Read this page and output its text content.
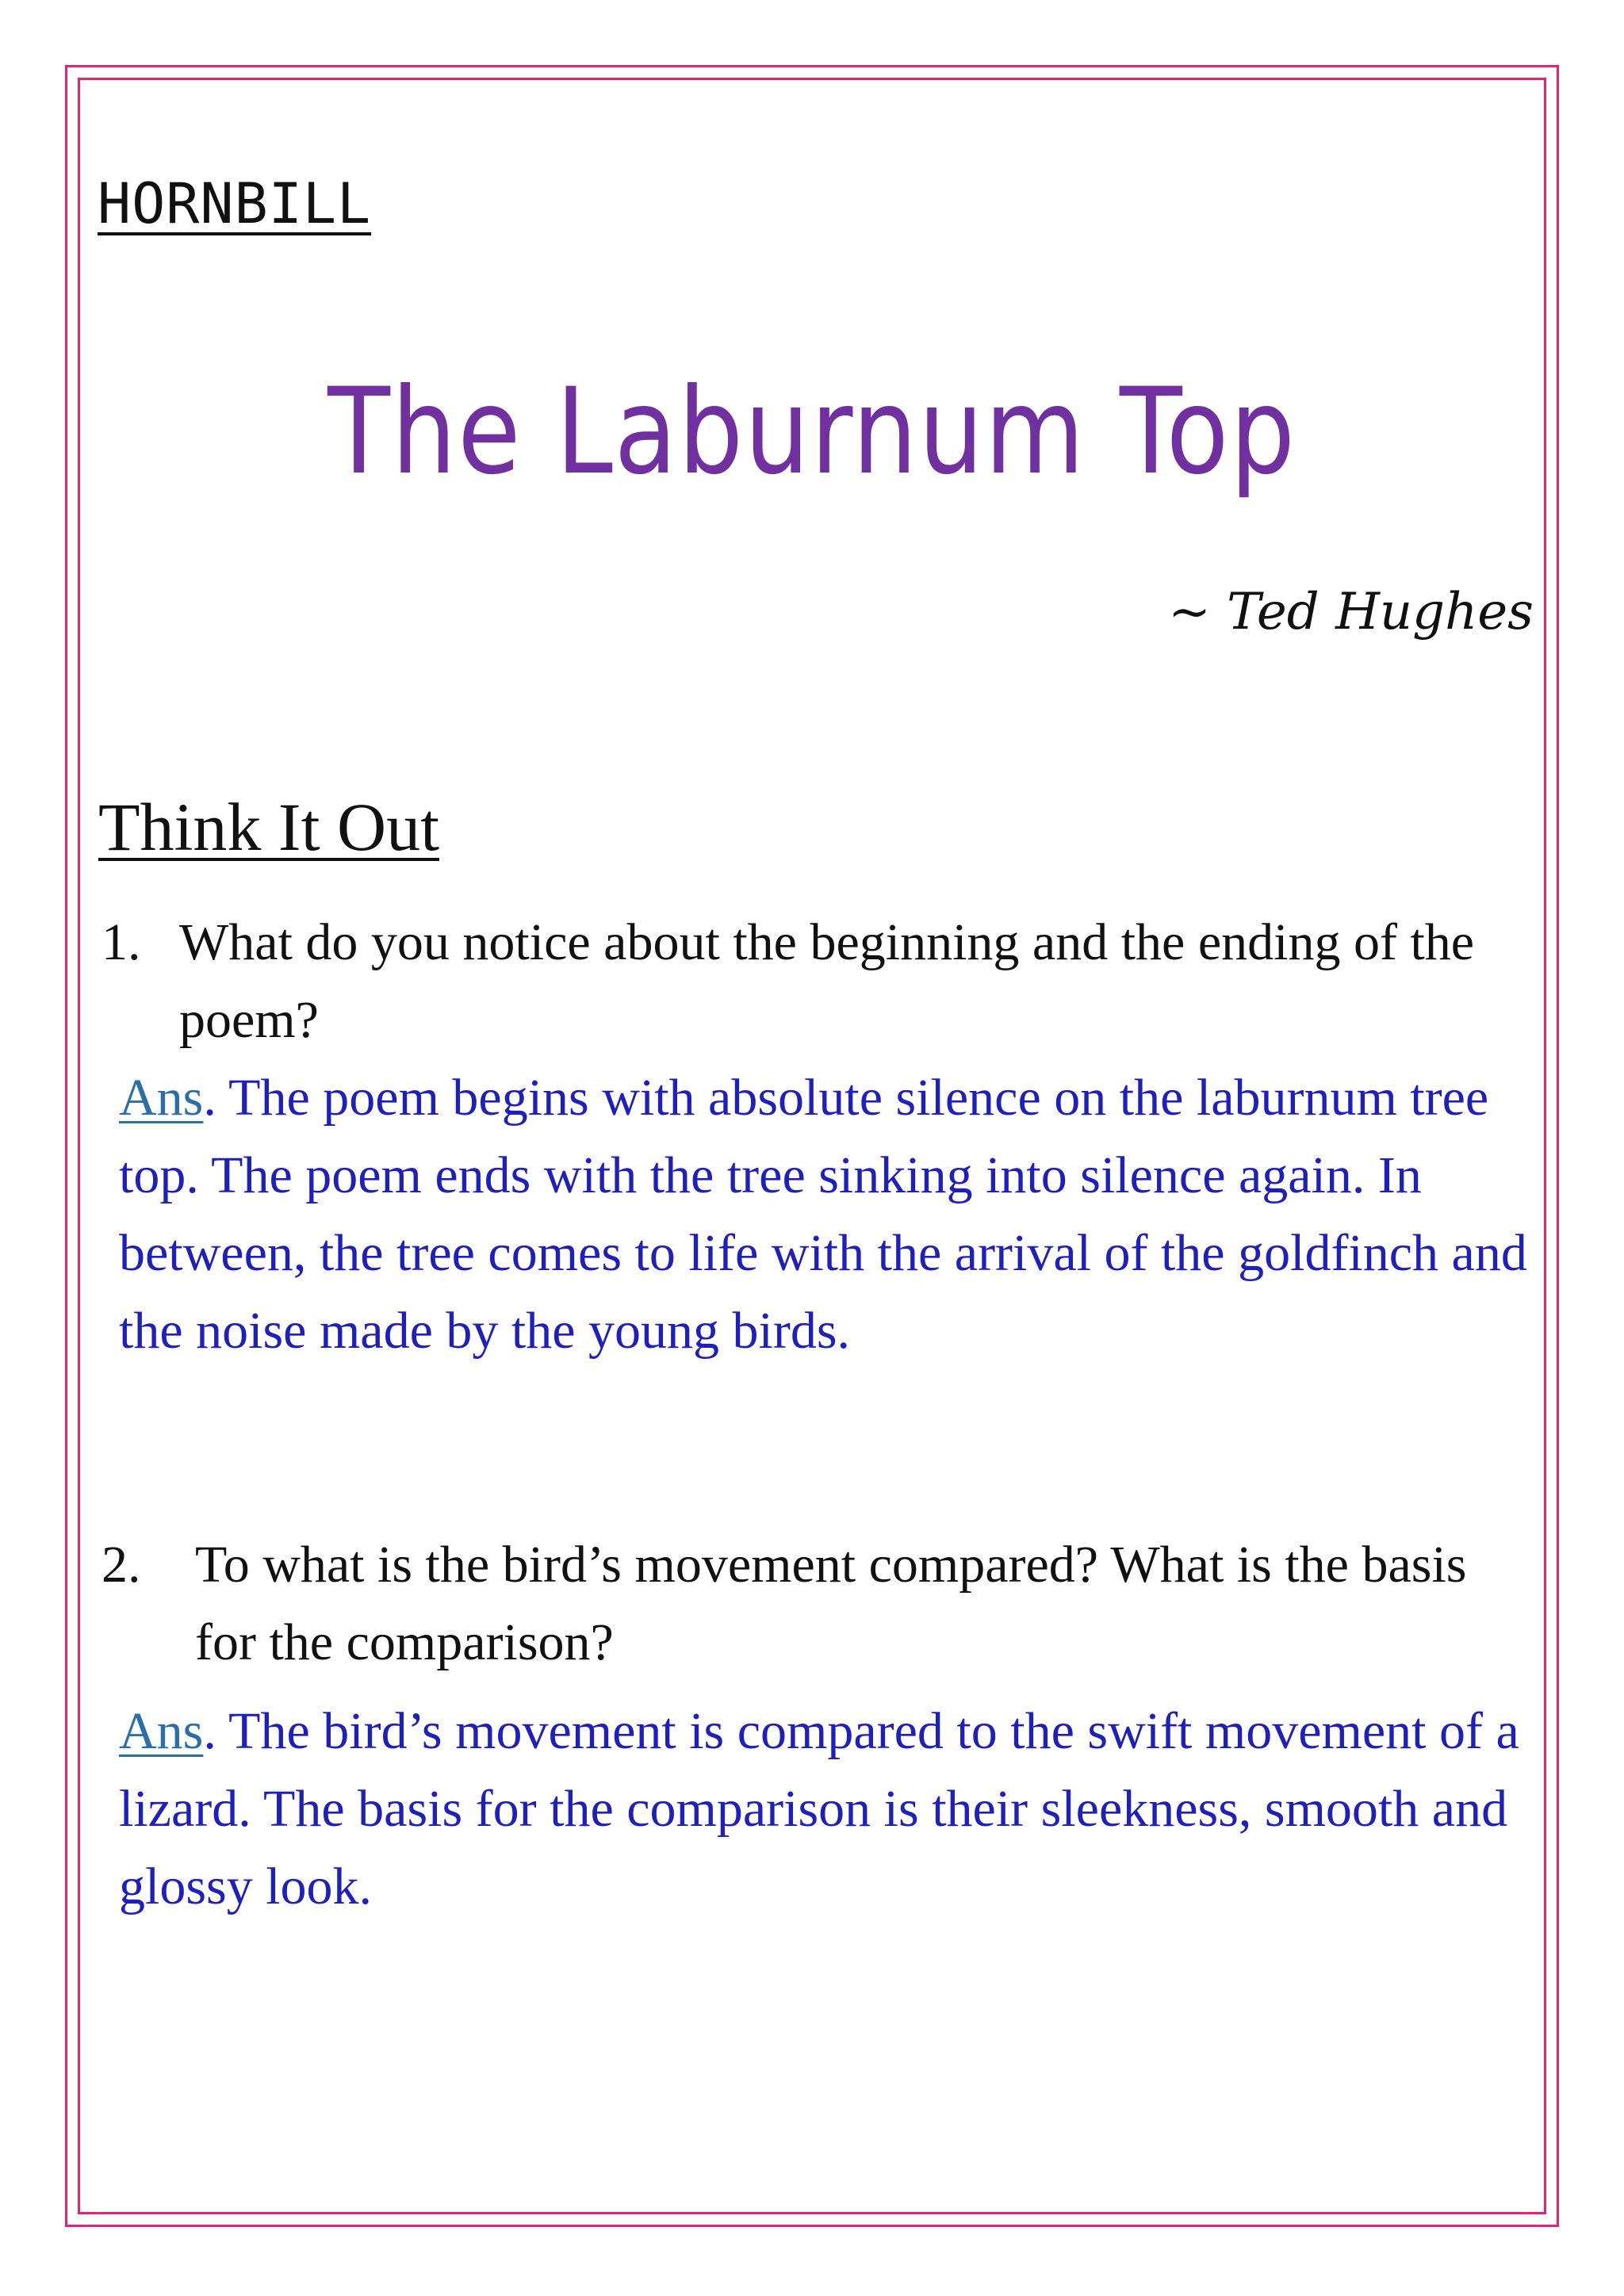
HORNBILL
The Laburnum Top

~ Ted Hughes

Think It Out
1. What do you notice about the beginning and the ending of the poem?

Ans. The poem begins with absolute silence on the laburnum tree top. The poem ends with the tree sinking into silence again. In between, the tree comes to life with the arrival of the goldfinch and the noise made by the young birds.

2.	To what is the bird’s movement compared? What is the basis for the comparison?

Ans. The bird’s movement is compared to the swift movement of a lizard. The basis for the comparison is their sleekness, smooth and glossy look.
